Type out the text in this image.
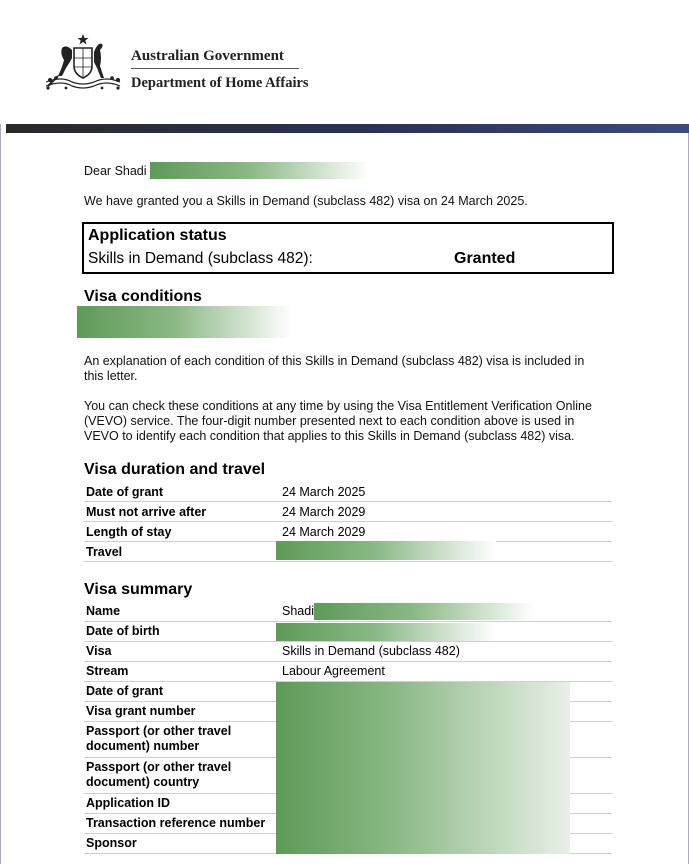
Australian Government
Department of Home Affairs
Dear Shadi
We have granted you a Skills in Demand (subclass 482) visa on 24 March 2025.
Application status
Skills in Demand (subclass 482):	Granted
Visa conditions
An explanation of each condition of this Skills in Demand (subclass 482) visa is included in
this letter.
You can check these conditions at any time by using the Visa Entitlement Verification Online
(VEVO) service. The four-digit number presented next to each condition above is used in
VEVO to identify each condition that applies to this Skills in Demand (subclass 482) visa.
Visa duration and travel
Date of grant	24 March 2025
Must not arrive after	24 March 2029
Length of stay	24 March 2029
Travel
Visa summary
Name	Shadi
Date of birth
Visa	Skills in Demand (subclass 482)
Stream	Labour Agreement
Date of grant
Visa grant number
Passport (or other travel
document) number
Passport (or other travel
document) country
Application ID
Transaction reference number
Sponsor
